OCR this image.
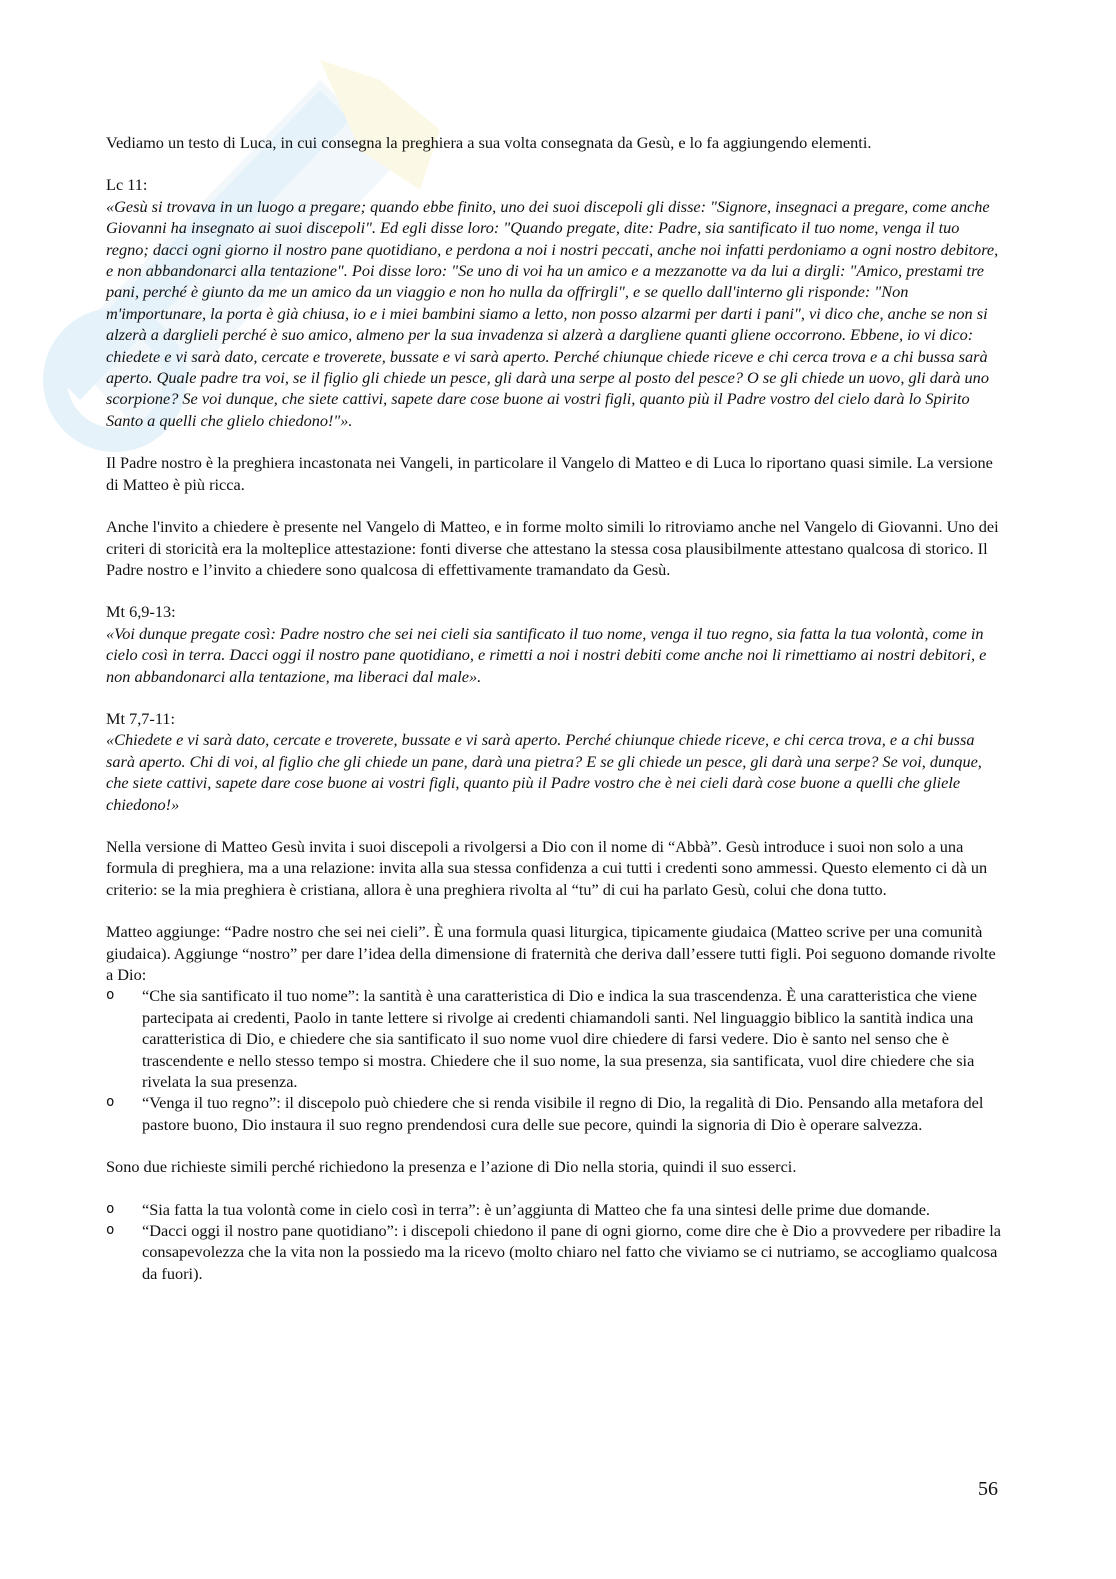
Vediamo un testo di Luca, in cui consegna la preghiera a sua volta consegnata da Gesù, e lo fa aggiungendo elementi.

Lc 11:

«Gesù si trovava in un luogo a pregare; quando ebbe finito, uno dei suoi discepoli gli disse: "Signore, insegnaci a pregare, come anche Giovanni ha insegnato ai suoi discepoli". Ed egli disse loro: "Quando pregate, dite: Padre, sia santificato il tuo nome, venga il tuo regno; dacci ogni giorno il nostro pane quotidiano, e perdona a noi i nostri peccati, anche noi infatti perdoniamo a ogni nostro debitore, e non abbandonarci alla tentazione". Poi disse loro: "Se uno di voi ha un amico e a mezzanotte va da lui a dirgli: "Amico, prestami tre pani, perché è giunto da me un amico da un viaggio e non ho nulla da offrirgli", e se quello dall'interno gli risponde: "Non m'importunare, la porta è già chiusa, io e i miei bambini siamo a letto, non posso alzarmi per darti i pani", vi dico che, anche se non si alzerà a darglieli perché è suo amico, almeno per la sua invadenza si alzerà a dargliene quanti gliene occorrono. Ebbene, io vi dico: chiedete e vi sarà dato, cercate e troverete, bussate e vi sarà aperto. Perché chiunque chiede riceve e chi cerca trova e a chi bussa sarà aperto. Quale padre tra voi, se il figlio gli chiede un pesce, gli darà una serpe al posto del pesce? O se gli chiede un uovo, gli darà uno scorpione? Se voi dunque, che siete cattivi, sapete dare cose buone ai vostri figli, quanto più il Padre vostro del cielo darà lo Spirito Santo a quelli che glielo chiedono!"».

Il Padre nostro è la preghiera incastonata nei Vangeli, in particolare il Vangelo di Matteo e di Luca lo riportano quasi simile. La versione di Matteo è più ricca.

Anche l'invito a chiedere è presente nel Vangelo di Matteo, e in forme molto simili lo ritroviamo anche nel Vangelo di Giovanni. Uno dei criteri di storicità era la molteplice attestazione: fonti diverse che attestano la stessa cosa plausibilmente attestano qualcosa di storico. Il Padre nostro e l’invito a chiedere sono qualcosa di effettivamente tramandato da Gesù.

Mt 6,9-13:

«Voi dunque pregate così: Padre nostro che sei nei cieli sia santificato il tuo nome, venga il tuo regno, sia fatta la tua volontà, come in cielo così in terra. Dacci oggi il nostro pane quotidiano, e rimetti a noi i nostri debiti come anche noi li rimettiamo ai nostri debitori, e non abbandonarci alla tentazione, ma liberaci dal male».

Mt 7,7-11:

«Chiedete e vi sarà dato, cercate e troverete, bussate e vi sarà aperto. Perché chiunque chiede riceve, e chi cerca trova, e a chi bussa sarà aperto. Chi di voi, al figlio che gli chiede un pane, darà una pietra? E se gli chiede un pesce, gli darà una serpe? Se voi, dunque, che siete cattivi, sapete dare cose buone ai vostri figli, quanto più il Padre vostro che è nei cieli darà cose buone a quelli che gliele chiedono!»

Nella versione di Matteo Gesù invita i suoi discepoli a rivolgersi a Dio con il nome di “Abbà”. Gesù introduce i suoi non solo a una formula di preghiera, ma a una relazione: invita alla sua stessa confidenza a cui tutti i credenti sono ammessi. Questo elemento ci dà un criterio: se la mia preghiera è cristiana, allora è una preghiera rivolta al “tu” di cui ha parlato Gesù, colui che dona tutto.

Matteo aggiunge: “Padre nostro che sei nei cieli”. È una formula quasi liturgica, tipicamente giudaica (Matteo scrive per una comunità giudaica). Aggiunge “nostro” per dare l’idea della dimensione di fraternità che deriva dall’essere tutti figli. Poi seguono domande rivolte a Dio:

o “Che sia santificato il tuo nome”: la santità è una caratteristica di Dio e indica la sua trascendenza. È una caratteristica che viene partecipata ai credenti, Paolo in tante lettere si rivolge ai credenti chiamandoli santi. Nel linguaggio biblico la santità indica una caratteristica di Dio, e chiedere che sia santificato il suo nome vuol dire chiedere di farsi vedere. Dio è santo nel senso che è trascendente e nello stesso tempo si mostra. Chiedere che il suo nome, la sua presenza, sia santificata, vuol dire chiedere che sia rivelata la sua presenza.
o “Venga il tuo regno”: il discepolo può chiedere che si renda visibile il regno di Dio, la regalità di Dio. Pensando alla metafora del pastore buono, Dio instaura il suo regno prendendosi cura delle sue pecore, quindi la signoria di Dio è operare salvezza.

Sono due richieste simili perché richiedono la presenza e l’azione di Dio nella storia, quindi il suo esserci.

o “Sia fatta la tua volontà come in cielo così in terra”: è un’aggiunta di Matteo che fa una sintesi delle prime due domande.
o “Dacci oggi il nostro pane quotidiano”: i discepoli chiedono il pane di ogni giorno, come dire che è Dio a provvedere per ribadire la consapevolezza che la vita non la possiedo ma la ricevo (molto chiaro nel fatto che viviamo se ci nutriamo, se accogliamo qualcosa da fuori).
56
